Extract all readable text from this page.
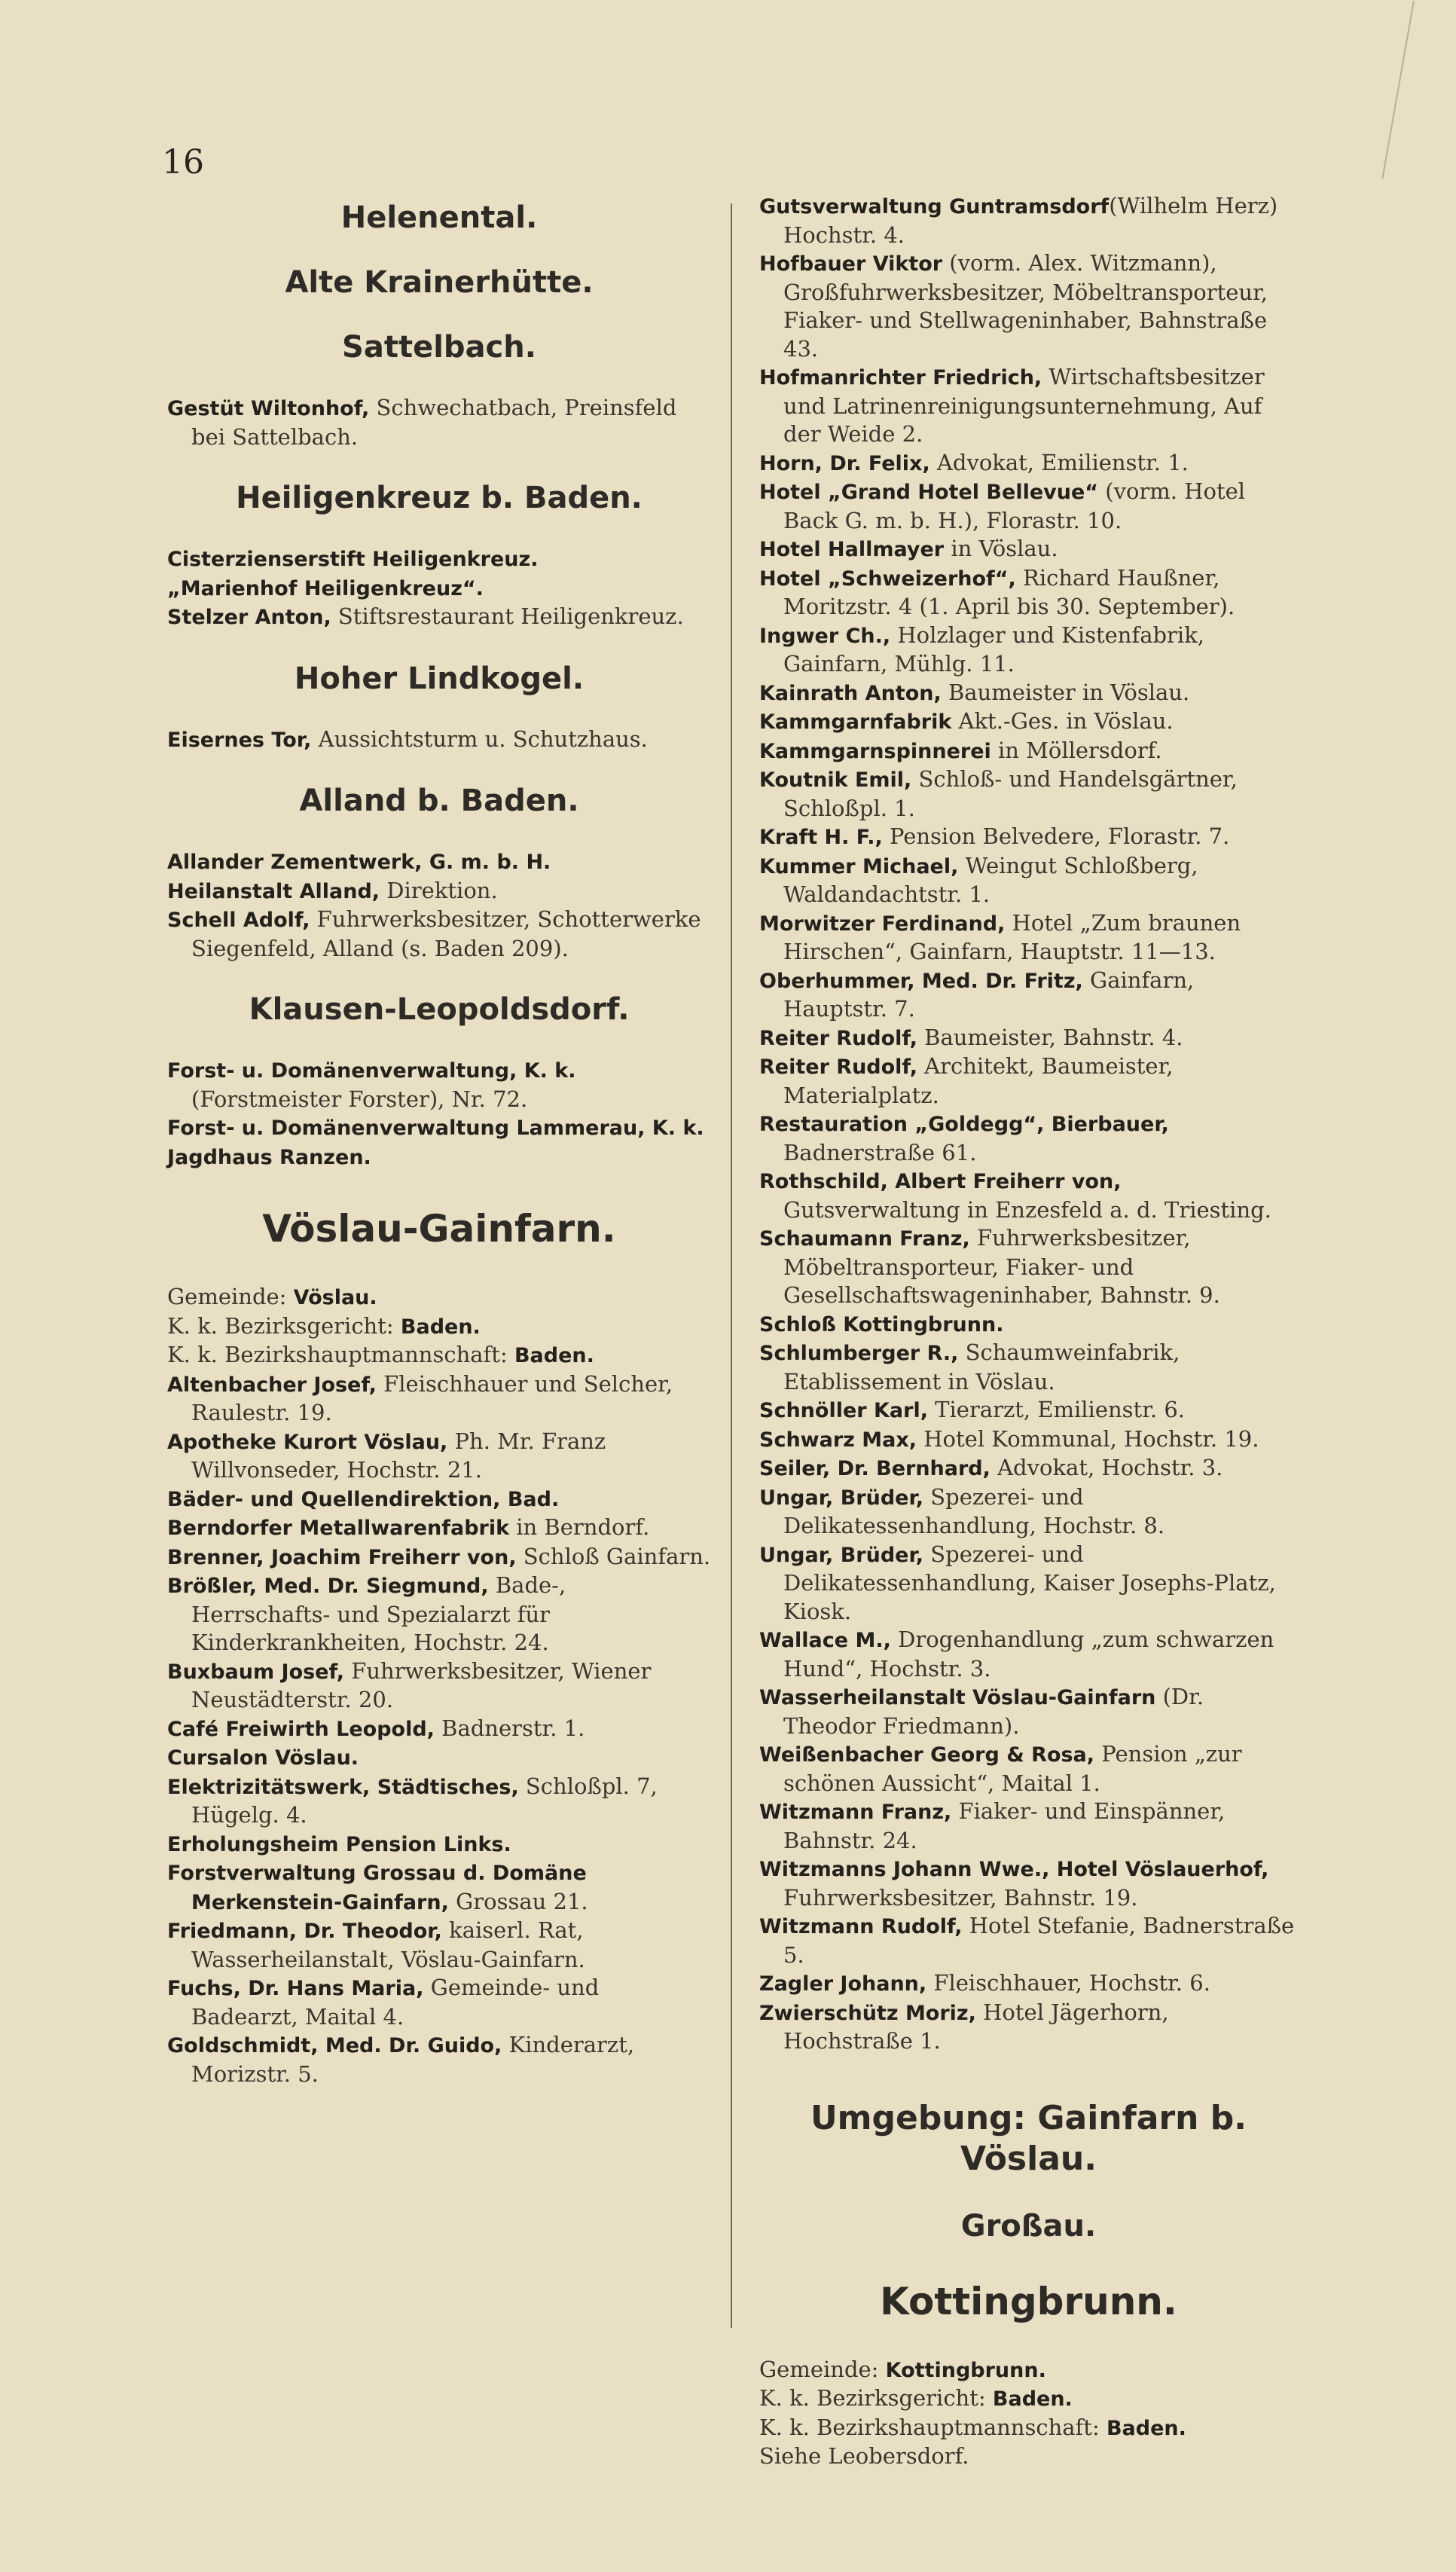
16
Helenental.
Alte Krainerhütte.
Sattelbach.

Gestüt Wiltonhof, Schwechatbach, Preinsfeld bei Sattelbach.

Heiligenkreuz b. Baden.

Cisterzienserstift Heiligenkreuz.

„Marienhof Heiligenkreuz“.

Stelzer Anton, Stiftsrestaurant Heiligenkreuz.

Hoher Lindkogel.

Eisernes Tor, Aussichtsturm u. Schutzhaus.

Alland b. Baden.

Allander Zementwerk, G. m. b. H.

Heilanstalt Alland, Direktion.

Schell Adolf, Fuhrwerksbesitzer, Schotterwerke Siegenfeld, Alland (s. Baden 209).

Klausen-Leopoldsdorf.

Forst- u. Domänenverwaltung, K. k. (Forstmeister Forster), Nr. 72.

Forst- u. Domänenverwaltung Lammerau, K. k.

Jagdhaus Ranzen.

Vöslau-Gainfarn.

Gemeinde: Vöslau.

K. k. Bezirksgericht: Baden.

K. k. Bezirkshauptmannschaft: Baden.

Altenbacher Josef, Fleischhauer und Selcher, Raulestr. 19.

Apotheke Kurort Vöslau, Ph. Mr. Franz Willvonseder, Hochstr. 21.

Bäder- und Quellendirektion, Bad.

Berndorfer Metallwarenfabrik in Berndorf.

Brenner, Joachim Freiherr von, Schloß Gainfarn.

Brößler, Med. Dr. Siegmund, Bade-, Herrschafts- und Spezialarzt für Kinderkrankheiten, Hochstr. 24.

Buxbaum Josef, Fuhrwerksbesitzer, Wiener Neustädterstr. 20.

Café Freiwirth Leopold, Badnerstr. 1.

Cursalon Vöslau.

Elektrizitätswerk, Städtisches, Schloßpl. 7, Hügelg. 4.

Erholungsheim Pension Links.

Forstverwaltung Grossau d. Domäne Merkenstein-Gainfarn, Grossau 21.

Friedmann, Dr. Theodor, kaiserl. Rat, Wasserheilanstalt, Vöslau-Gainfarn.

Fuchs, Dr. Hans Maria, Gemeinde- und Badearzt, Maital 4.

Goldschmidt, Med. Dr. Guido, Kinderarzt, Morizstr. 5.

Gutsverwaltung Guntramsdorf(Wilhelm Herz) Hochstr. 4.

Hofbauer Viktor (vorm. Alex. Witzmann), Großfuhrwerksbesitzer, Möbeltransporteur, Fiaker- und Stellwageninhaber, Bahnstraße 43.

Hofmanrichter Friedrich, Wirtschaftsbesitzer und Latrinenreinigungsunternehmung, Auf der Weide 2.

Horn, Dr. Felix, Advokat, Emilienstr. 1.

Hotel „Grand Hotel Bellevue“ (vorm. Hotel Back G. m. b. H.), Florastr. 10.

Hotel Hallmayer in Vöslau.

Hotel „Schweizerhof“, Richard Haußner, Moritzstr. 4 (1. April bis 30. September).

Ingwer Ch., Holzlager und Kistenfabrik, Gainfarn, Mühlg. 11.

Kainrath Anton, Baumeister in Vöslau.

Kammgarnfabrik Akt.-Ges. in Vöslau.

Kammgarnspinnerei in Möllersdorf.

Koutnik Emil, Schloß- und Handelsgärtner, Schloßpl. 1.

Kraft H. F., Pension Belvedere, Florastr. 7.

Kummer Michael, Weingut Schloßberg, Waldandachtstr. 1.

Morwitzer Ferdinand, Hotel „Zum braunen Hirschen“, Gainfarn, Hauptstr. 11—13.

Oberhummer, Med. Dr. Fritz, Gainfarn, Hauptstr. 7.

Reiter Rudolf, Baumeister, Bahnstr. 4.

Reiter Rudolf, Architekt, Baumeister, Materialplatz.

Restauration „Goldegg“, Bierbauer, Badnerstraße 61.

Rothschild, Albert Freiherr von, Gutsverwaltung in Enzesfeld a. d. Triesting.

Schaumann Franz, Fuhrwerksbesitzer, Möbeltransporteur, Fiaker- und Gesellschaftswageninhaber, Bahnstr. 9.

Schloß Kottingbrunn.

Schlumberger R., Schaumweinfabrik, Etablissement in Vöslau.

Schnöller Karl, Tierarzt, Emilienstr. 6.

Schwarz Max, Hotel Kommunal, Hochstr. 19.

Seiler, Dr. Bernhard, Advokat, Hochstr. 3.

Ungar, Brüder, Spezerei- und Delikatessenhandlung, Hochstr. 8.

Ungar, Brüder, Spezerei- und Delikatessenhandlung, Kaiser Josephs-Platz, Kiosk.

Wallace M., Drogenhandlung „zum schwarzen Hund“, Hochstr. 3.

Wasserheilanstalt Vöslau-Gainfarn (Dr. Theodor Friedmann).

Weißenbacher Georg & Rosa, Pension „zur schönen Aussicht“, Maital 1.

Witzmann Franz, Fiaker- und Einspänner, Bahnstr. 24.

Witzmanns Johann Wwe., Hotel Vöslauerhof, Fuhrwerksbesitzer, Bahnstr. 19.

Witzmann Rudolf, Hotel Stefanie, Badnerstraße 5.

Zagler Johann, Fleischhauer, Hochstr. 6.

Zwierschütz Moriz, Hotel Jägerhorn, Hochstraße 1.

Umgebung: Gainfarn b. Vöslau.
Großau.
Kottingbrunn.

Gemeinde: Kottingbrunn.

K. k. Bezirksgericht: Baden.

K. k. Bezirkshauptmannschaft: Baden.

Siehe Leobersdorf.
